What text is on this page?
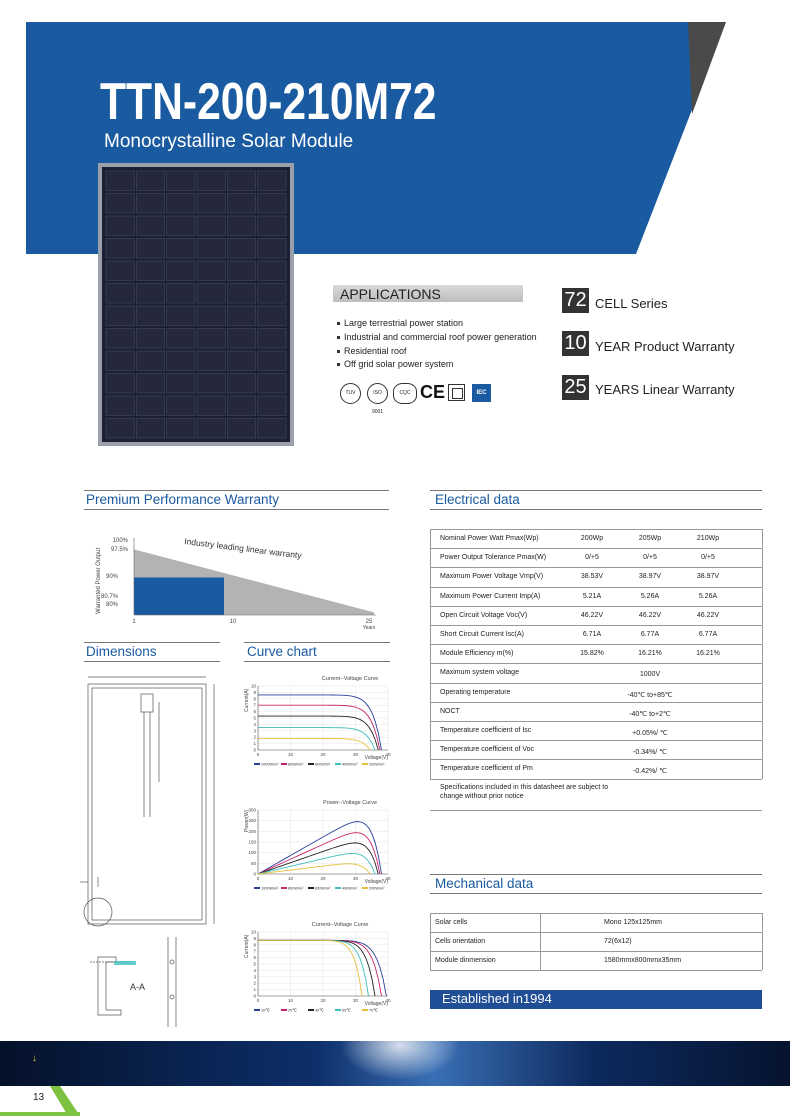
TTN-200-210M72
Monocrystalline Solar Module
APPLICATIONS
Large terrestrial power station
Industrial and commercial roof power generation
Residential roof
Off grid solar power system
TUV	ISO 9001
CQC CE	IEC
72 CELL Series
10 YEAR Product Warranty
25 YEARS Linear Warranty
Premium Performance Warranty
100%
97.5%
90%
80.7%
80%
1	10	25
Years
Industry leading linear warranty
Warranted Power Output
Dimensions
A-A
Curve chart
Current--Voltage Curve
Current(A)
Voltage(V)
0	10	20	30	40
0
1
2
3
4
5
6
7
8
9
10
1000W/m² 800W/m²	600W/m²	400W/m²	200W/m²
Power--Voltage Curve
Power(W)
Voltage(V)
0	10	20	30	40
0
50
100
150
200
250
300
1000W/m² 800W/m²	600W/m²	400W/m²	200W/m²
Current--Voltage Curve
Current(A)
Voltage(V)
0	10	20	30	40
0
1
2
3
4
5
6
7
8
9
10
10℃	25℃	40℃	55℃	70℃
Electrical data
Nominal Power Watt Pmax(Wp)	200Wp	205Wp	210Wp
Power Output Tolerance Pmax(W)	0/+5	0/+5	0/+5
Maximum Power Voltage Vmp(V)	38.53V	38.97V	38.97V
Maximum Power Current Imp(A)	5.21A	5.26A	5.26A
Open Circuit Voltage Voc(V)	46.22V	46.22V	46.22V
Short Circuit Current Isc(A)	6.71A	6.77A	6.77A
Module Efficiency m(%)	15.82%	16.21%	16.21%
Maximum system voltage	1000V
Operating temperature	-40℃ to+85℃
NOCT	-40℃ to+2℃
Temperature coefficient of Isc	+0.05%/ ℃
Temperature coefficient of Voc	-0.34%/ ℃
Temperature coefficient of Pm	-0.42%/ ℃
Specifications included in this datasheet are subject to
change without prior notice
Mechanical data
Solar cells	Mono 125x125mm
Cells orientation	72(6x12)
Module dinmension	1580mmx800mmx35mm
Established in1994
↓
13
